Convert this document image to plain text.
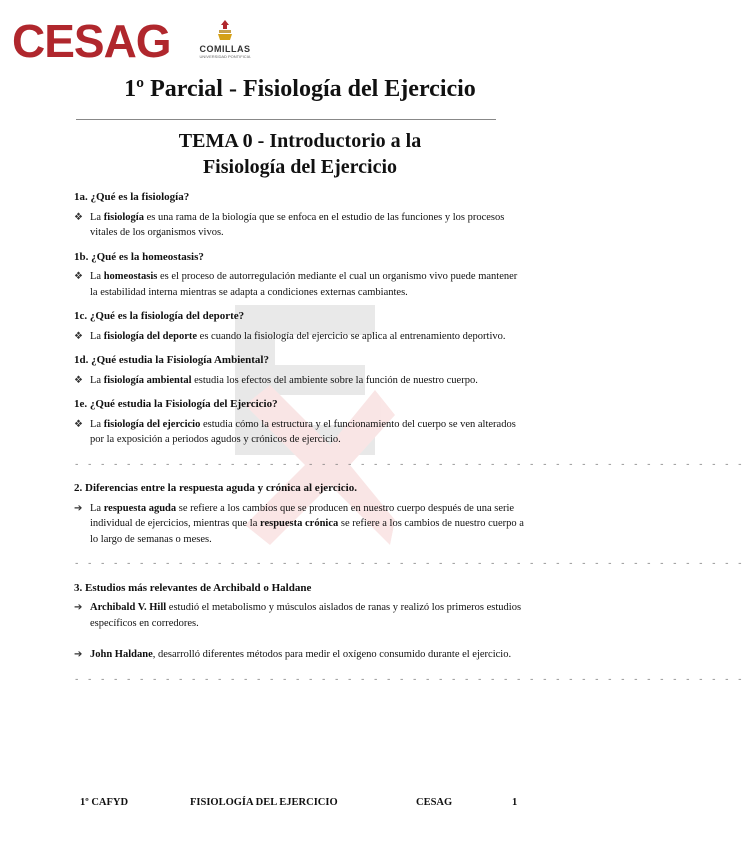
CESAG	COMILLAS
UNIVERSIDAD PONTIFICIA
1º Parcial - Fisiología del Ejercicio
TEMA 0 - Introductorio a la
Fisiología del Ejercicio
1a. ¿Qué es la fisiología?
❖ La fisiología es una rama de la biología que se enfoca en el estudio de las funciones y los procesos vitales de los organismos vivos.
1b. ¿Qué es la homeostasis?
❖ La homeostasis es el proceso de autorregulación mediante el cual un organismo vivo puede mantener la estabilidad interna mientras se adapta a condiciones externas cambiantes.
1c. ¿Qué es la fisiología del deporte?
❖ La fisiología del deporte es cuando la fisiología del ejercicio se aplica al entrenamiento deportivo.
1d. ¿Qué estudia la Fisiología Ambiental?
❖ La fisiología ambiental estudia los efectos del ambiente sobre la función de nuestro cuerpo.
1e. ¿Qué estudia la Fisiología del Ejercicio?
❖ La fisiología del ejercicio estudia cómo la estructura y el funcionamiento del cuerpo se ven alterados por la exposición a periodos agudos y crónicos de ejercicio.
- - - - - - - - - - - - - - - - - - - - - - - - - - - - - - - - - - - - - - - - - - - - - - - - - - - -
2. Diferencias entre la respuesta aguda y crónica al ejercicio.
➔ La respuesta aguda se refiere a los cambios que se producen en nuestro cuerpo después de una serie individual de ejercicios, mientras que la respuesta crónica se refiere a los cambios de nuestro cuerpo a lo largo de semanas o meses.
- - - - - - - - - - - - - - - - - - - - - - - - - - - - - - - - - - - - - - - - - - - - - - - - - - - -
3. Estudios más relevantes de Archibald o Haldane
➔ Archibald V. Hill estudió el metabolismo y músculos aislados de ranas y realizó los primeros estudios específicos en corredores.
➔ John Haldane, desarrolló diferentes métodos para medir el oxígeno consumido durante el ejercicio.
- - - - - - - - - - - - - - - - - - - - - - - - - - - - - - - - - - - - - - - - - - - - - - - - - - - -
1º CAFYD	FISIOLOGÍA DEL EJERCICIO	CESAG	1
